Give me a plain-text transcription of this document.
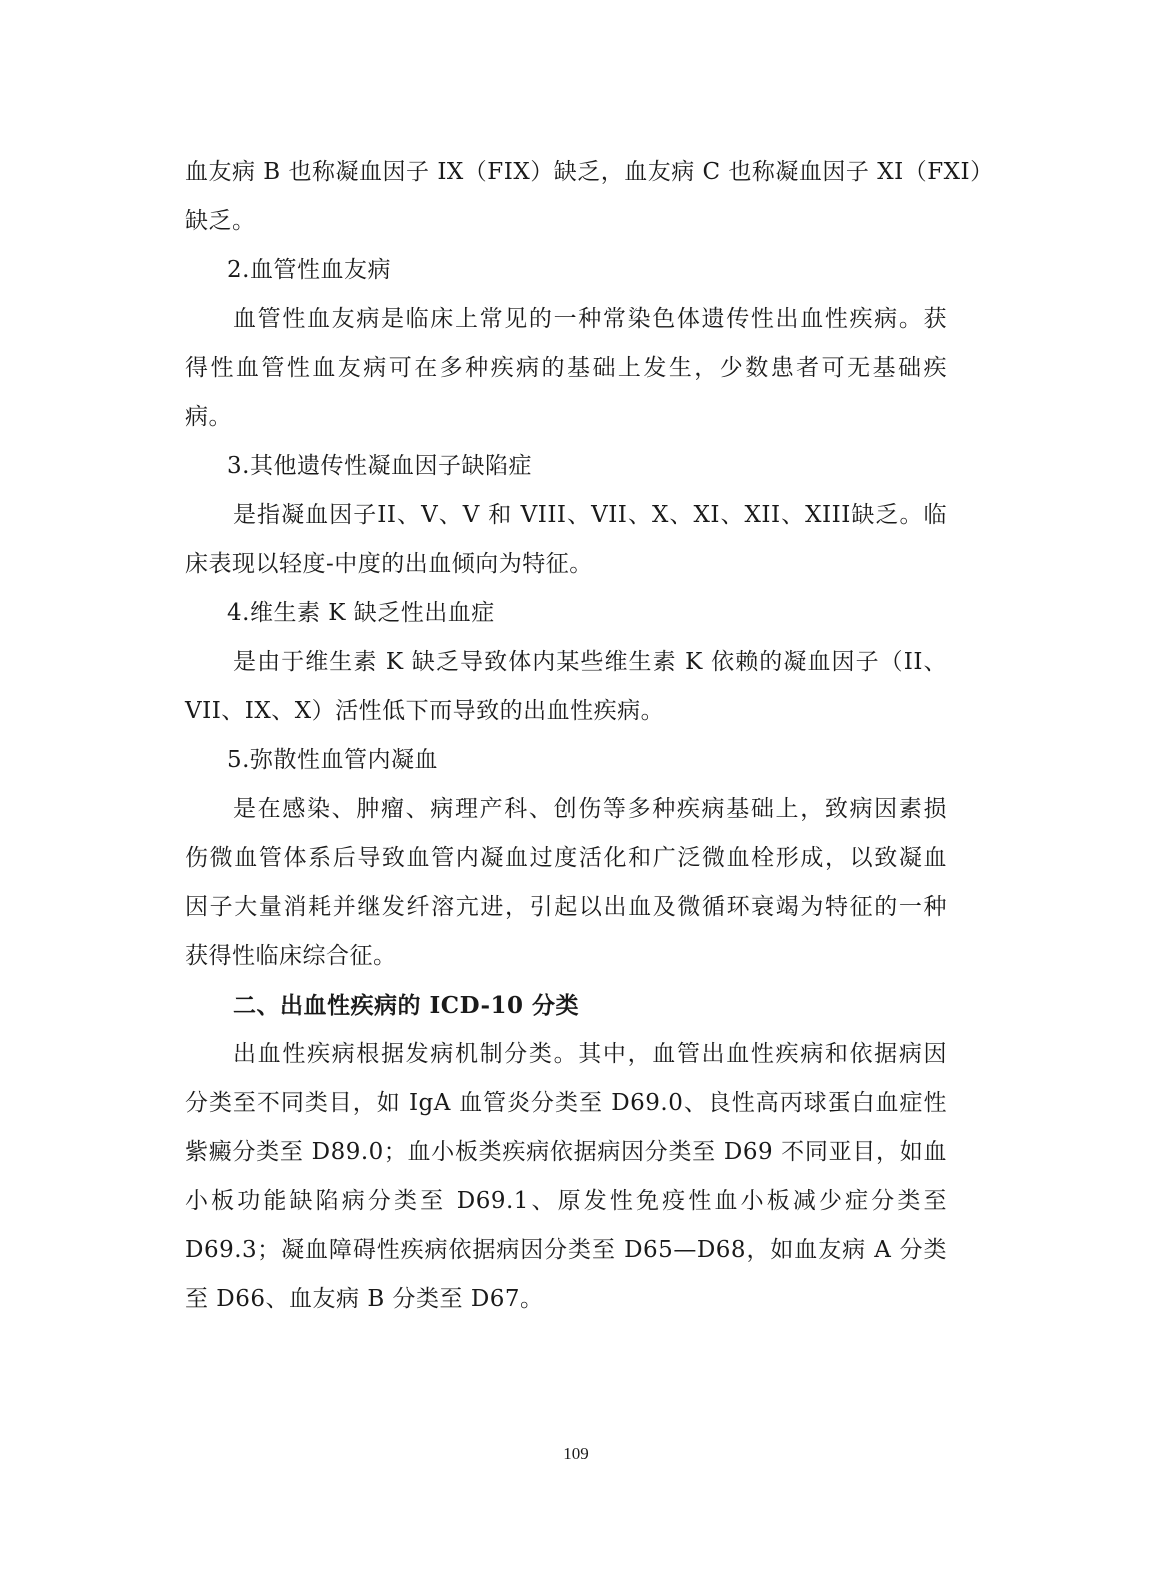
血友病 B 也称凝血因子 IX（FIX）缺乏，血友病 C 也称凝血因子 XI（FXI）
缺乏。
2.血管性血友病
血管性血友病是临床上常见的一种常染色体遗传性出血性疾病。获
得性血管性血友病可在多种疾病的基础上发生，少数患者可无基础疾
病。
3.其他遗传性凝血因子缺陷症
是指凝血因子II、V、V 和 VIII、VII、X、XI、XII、XIII缺乏。临
床表现以轻度-中度的出血倾向为特征。
4.维生素 K 缺乏性出血症
是由于维生素 K 缺乏导致体内某些维生素 K 依赖的凝血因子（II、
VII、IX、X）活性低下而导致的出血性疾病。
5.弥散性血管内凝血
是在感染、肿瘤、病理产科、创伤等多种疾病基础上，致病因素损
伤微血管体系后导致血管内凝血过度活化和广泛微血栓形成，以致凝血
因子大量消耗并继发纤溶亢进，引起以出血及微循环衰竭为特征的一种
获得性临床综合征。
二、出血性疾病的 ICD-10 分类
出血性疾病根据发病机制分类。其中，血管出血性疾病和依据病因
分类至不同类目，如 IgA 血管炎分类至 D69.0、良性高丙球蛋白血症性
紫癜分类至 D89.0；血小板类疾病依据病因分类至 D69 不同亚目，如血
小板功能缺陷病分类至 D69.1、原发性免疫性血小板减少症分类至
D69.3；凝血障碍性疾病依据病因分类至 D65—D68，如血友病 A 分类
至 D66、血友病 B 分类至 D67。
109
